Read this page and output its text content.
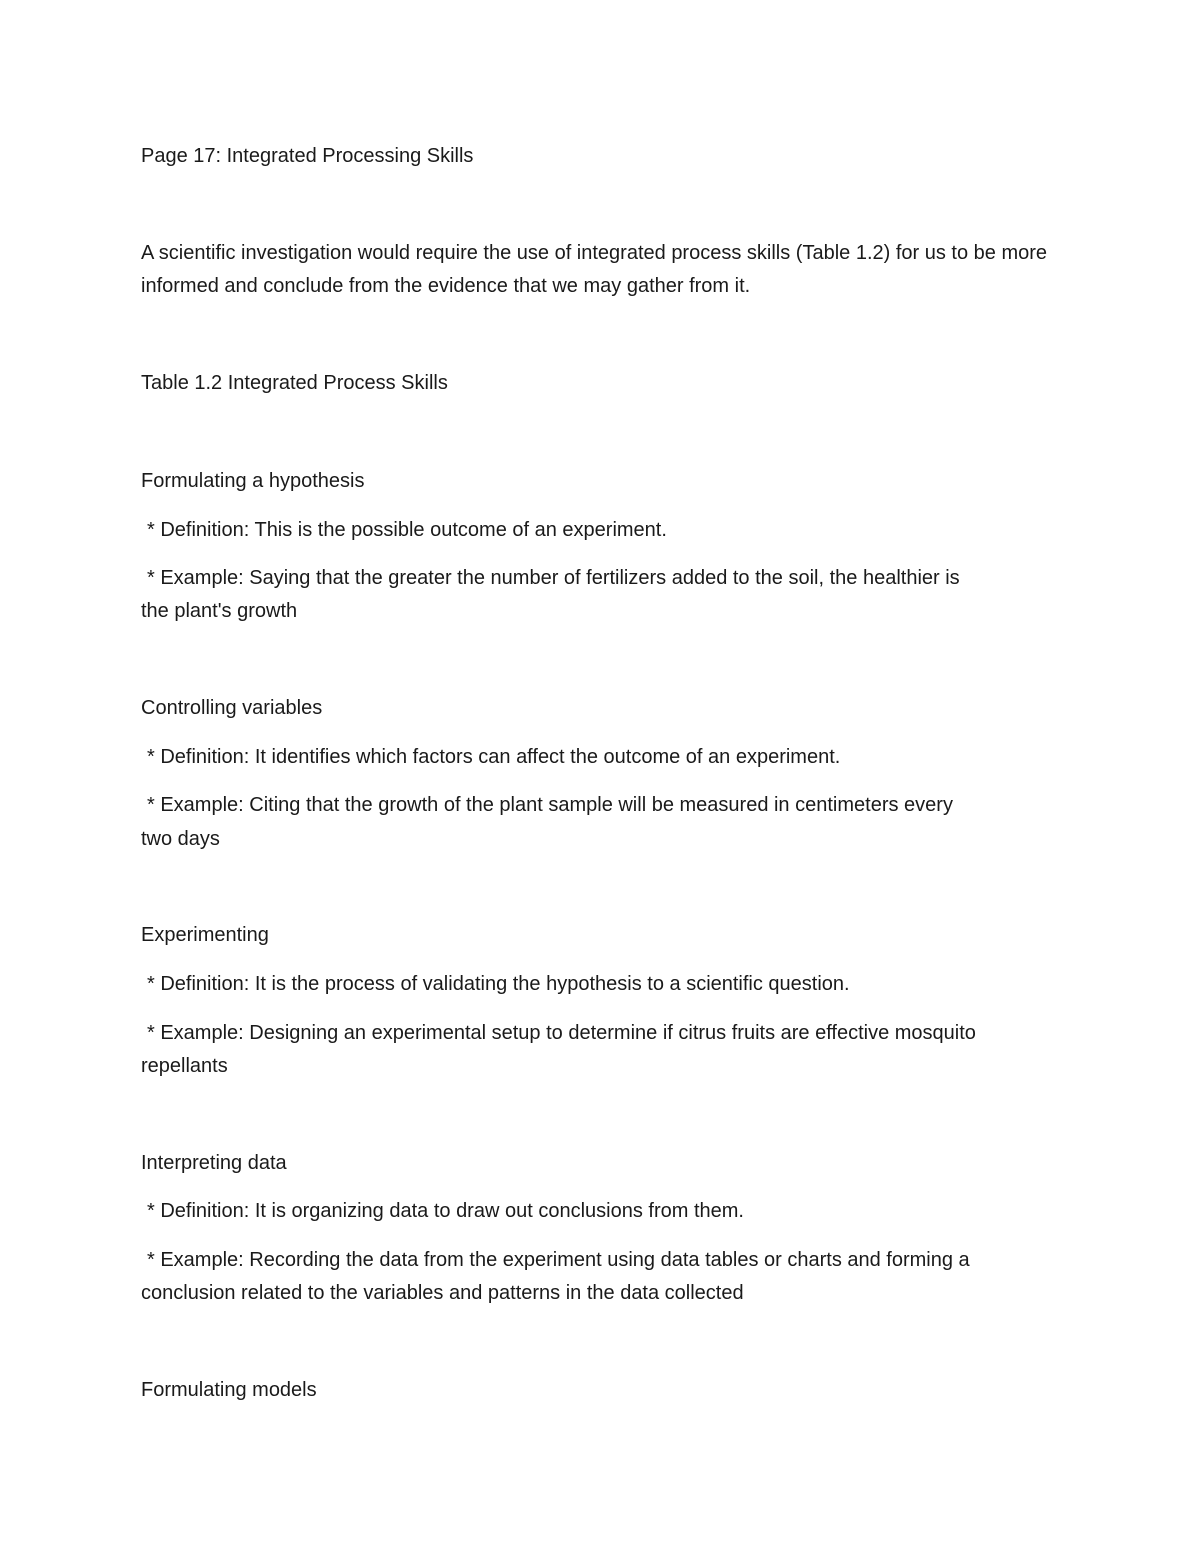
Page 17: Integrated Processing Skills
A scientific investigation would require the use of integrated process skills (Table 1.2) for us to be more informed and conclude from the evidence that we may gather from it.
Table 1.2 Integrated Process Skills
Formulating a hypothesis
* Definition: This is the possible outcome of an experiment.
* Example: Saying that the greater the number of fertilizers added to the soil, the healthier is
the plant's growth
Controlling variables
* Definition: It identifies which factors can affect the outcome of an experiment.
* Example: Citing that the growth of the plant sample will be measured in centimeters every
two days
Experimenting
* Definition: It is the process of validating the hypothesis to a scientific question.
* Example: Designing an experimental setup to determine if citrus fruits are effective mosquito
repellants
Interpreting data
* Definition: It is organizing data to draw out conclusions from them.
* Example: Recording the data from the experiment using data tables or charts and forming a
conclusion related to the variables and patterns in the data collected
Formulating models
